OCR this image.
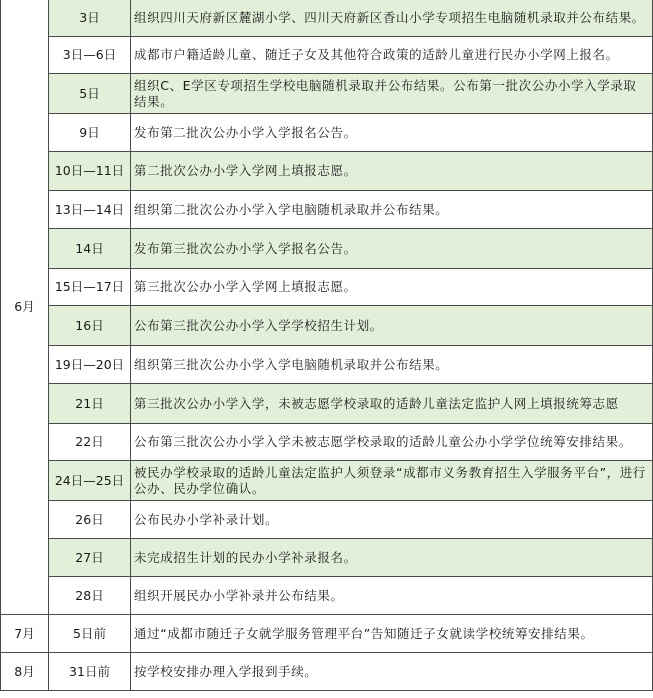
6月	3日	组织四川天府新区麓湖小学、四川天府新区香山小学专项招生电脑随机录取并公布结果。
	3日—6日	成都市户籍适龄儿童、随迁子女及其他符合政策的适龄儿童进行民办小学网上报名。
	5日	组织C、E学区专项招生学校电脑随机录取并公布结果。公布第一批次公办小学入学录取结果。
	9日	发布第二批次公办小学入学报名公告。
	10日—11日	第二批次公办小学入学网上填报志愿。
	13日—14日	组织第二批次公办小学入学电脑随机录取并公布结果。
	14日	发布第三批次公办小学入学报名公告。
	15日—17日	第三批次公办小学入学网上填报志愿。
	16日	公布第三批次公办小学入学学校招生计划。
	19日—20日	组织第三批次公办小学入学电脑随机录取并公布结果。
	21日	第三批次公办小学入学，未被志愿学校录取的适龄儿童法定监护人网上填报统筹志愿
	22日	公布第三批次公办小学入学未被志愿学校录取的适龄儿童公办小学学位统筹安排结果。
	24日—25日	被民办学校录取的适龄儿童法定监护人须登录“成都市义务教育招生入学服务平台”，进行公办、民办学位确认。
	26日	公布民办小学补录计划。
	27日	未完成招生计划的民办小学补录报名。
	28日	组织开展民办小学补录并公布结果。
7月	5日前	通过“成都市随迁子女就学服务管理平台”告知随迁子女就读学校统筹安排结果。
8月	31日前	按学校安排办理入学报到手续。
